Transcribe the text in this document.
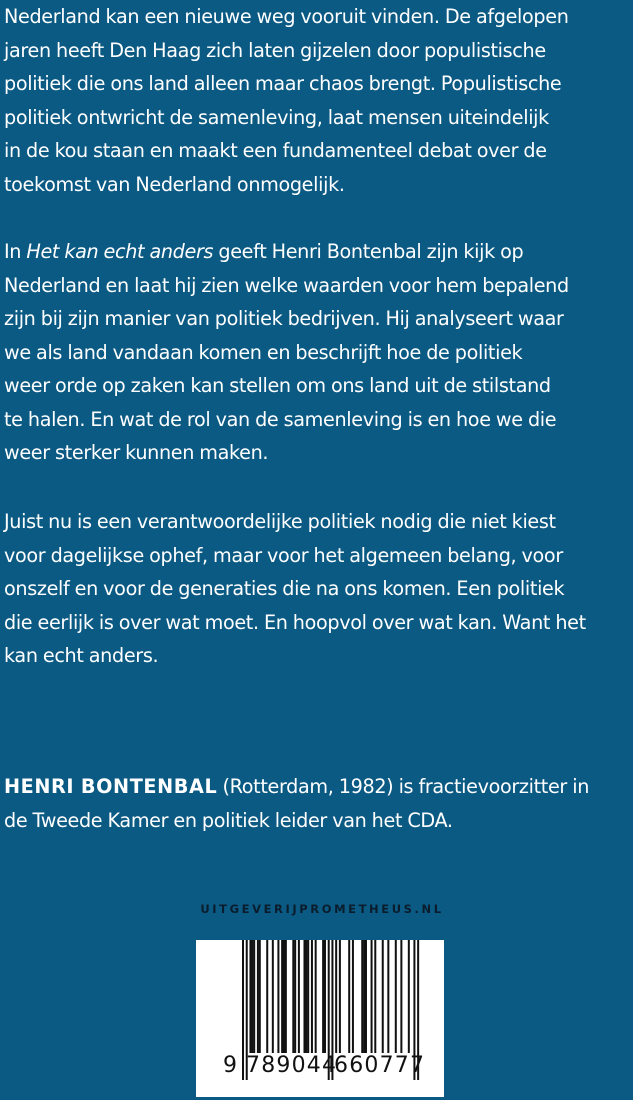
Nederland kan een nieuwe weg vooruit vinden. De afgelopen
jaren heeft Den Haag zich laten gijzelen door populistische
politiek die ons land alleen maar chaos brengt. Populistische
politiek ontwricht de samenleving, laat mensen uiteindelijk
in de kou staan en maakt een fundamenteel debat over de
toekomst van Nederland onmogelijk.
In Het kan echt anders geeft Henri Bontenbal zijn kijk op
Nederland en laat hij zien welke waarden voor hem bepalend
zijn bij zijn manier van politiek bedrijven. Hij analyseert waar
we als land vandaan komen en beschrijft hoe de politiek
weer orde op zaken kan stellen om ons land uit de stilstand
te halen. En wat de rol van de samenleving is en hoe we die
weer sterker kunnen maken.
Juist nu is een verantwoordelijke politiek nodig die niet kiest
voor dagelijkse ophef, maar voor het algemeen belang, voor
onszelf en voor de generaties die na ons komen. Een politiek
die eerlijk is over wat moet. En hoopvol over wat kan. Want het
kan echt anders.
HENRI BONTENBAL (Rotterdam, 1982) is fractievoorzitter in
de Tweede Kamer en politiek leider van het CDA.
UITGEVERIJPROMETHEUS.NL
9 789044
660777
